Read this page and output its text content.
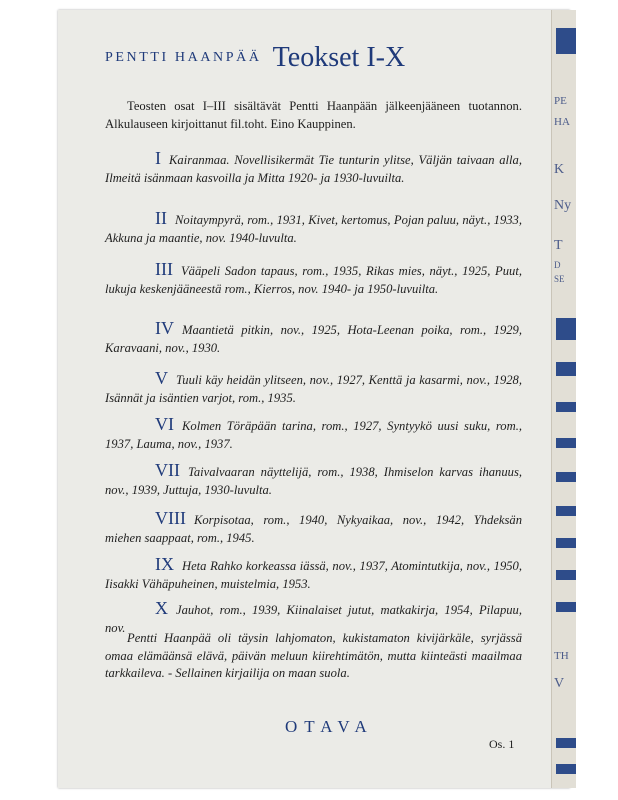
PE
HA
K
Ny
T
D
SE
TH
V
PENTTI HAANPÄÄ Teokset I-X
Teosten osat I–III sisältävät Pentti Haanpään jälkeenjääneen tuotannon. Alkulauseen kirjoittanut fil.toht. Eino Kauppinen.
I Kairanmaa. Novellisikermät Tie tunturin ylitse, Väljän taivaan alla, Ilmeitä isänmaan kasvoilla ja Mitta 1920- ja 1930-luvuilta.
II Noitaympyrä, rom., 1931, Kivet, kertomus, Pojan paluu, näyt., 1933, Akkuna ja maantie, nov. 1940-luvulta.
III Vääpeli Sadon tapaus, rom., 1935, Rikas mies, näyt., 1925, Puut, lukuja keskenjääneestä rom., Kierros, nov. 1940- ja 1950-luvuilta.
IV Maantietä pitkin, nov., 1925, Hota-Leenan poika, rom., 1929, Karavaani, nov., 1930.
V Tuuli käy heidän ylitseen, nov., 1927, Kenttä ja kasarmi, nov., 1928, Isännät ja isäntien varjot, rom., 1935.
VI Kolmen Töräpään tarina, rom., 1927, Syntyykö uusi suku, rom., 1937, Lauma, nov., 1937.
VII Taivalvaaran näyttelijä, rom., 1938, Ihmiselon karvas ihanuus, nov., 1939, Juttuja, 1930-luvulta.
VIII Korpisotaa, rom., 1940, Nykyaikaa, nov., 1942, Yhdeksän miehen saappaat, rom., 1945.
IX Heta Rahko korkeassa iässä, nov., 1937, Atomintutkija, nov., 1950, Iisakki Vähäpuheinen, muistelmia, 1953.
X Jauhot, rom., 1939, Kiinalaiset jutut, matkakirja, 1954, Pilapuu, nov.
Pentti Haanpää oli täysin lahjomaton, kukistamaton kivijärkäle, syrjässä omaa elämäänsä elävä, päivän meluun kiirehtimätön, mutta kiinteästi maailmaa tarkkaileva. - Sellainen kirjailija on maan suola.
OTAVA
Os. 1
